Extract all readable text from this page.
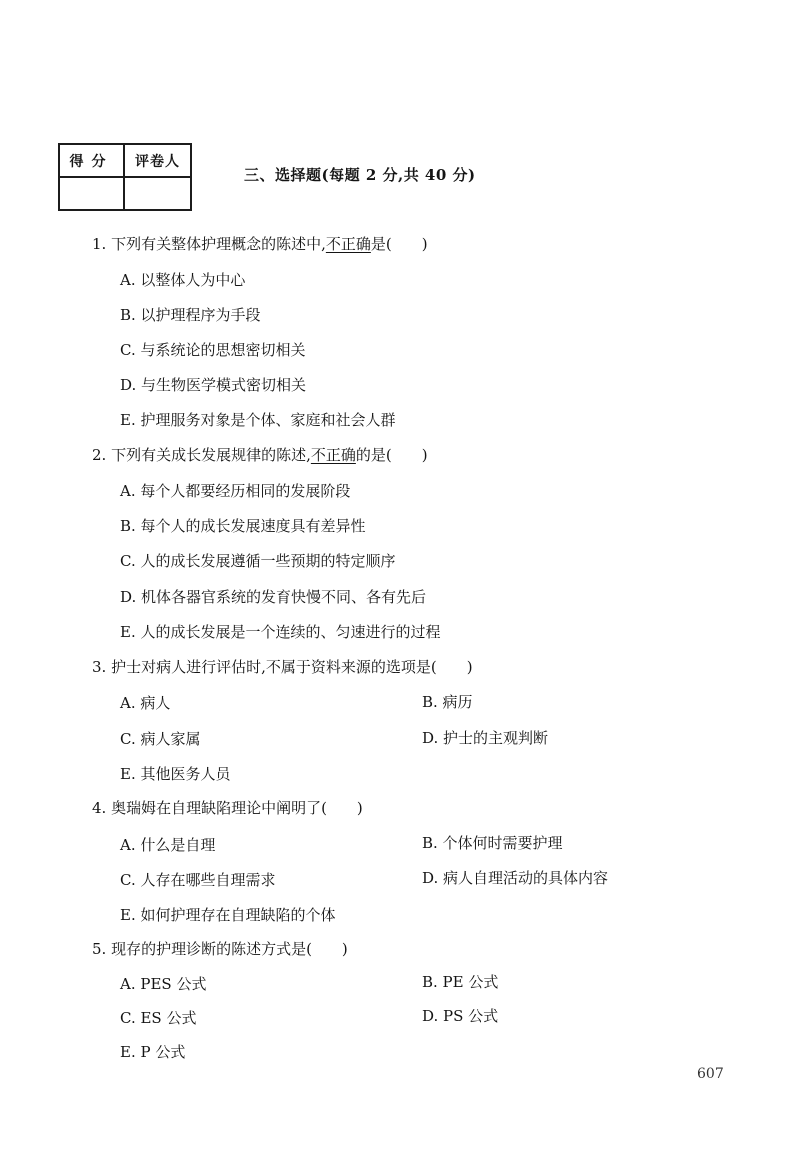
得分	评卷人
三、选择题(每题 2 分,共 40 分)
1. 下列有关整体护理概念的陈述中,不正确是(　　)
A. 以整体人为中心
B. 以护理程序为手段
C. 与系统论的思想密切相关
D. 与生物医学模式密切相关
E. 护理服务对象是个体、家庭和社会人群
2. 下列有关成长发展规律的陈述,不正确的是(　　)
A. 每个人都要经历相同的发展阶段
B. 每个人的成长发展速度具有差异性
C. 人的成长发展遵循一些预期的特定顺序
D. 机体各器官系统的发育快慢不同、各有先后
E. 人的成长发展是一个连续的、匀速进行的过程
3. 护士对病人进行评估时,不属于资料来源的选项是(　　)
A. 病人	B. 病历
C. 病人家属	D. 护士的主观判断
E. 其他医务人员
4. 奥瑞姆在自理缺陷理论中阐明了(　　)
A. 什么是自理	B. 个体何时需要护理
C. 人存在哪些自理需求	D. 病人自理活动的具体内容
E. 如何护理存在自理缺陷的个体
5. 现存的护理诊断的陈述方式是(　　)
A. PES 公式	B. PE 公式
C. ES 公式	D. PS 公式
E. P 公式
607
